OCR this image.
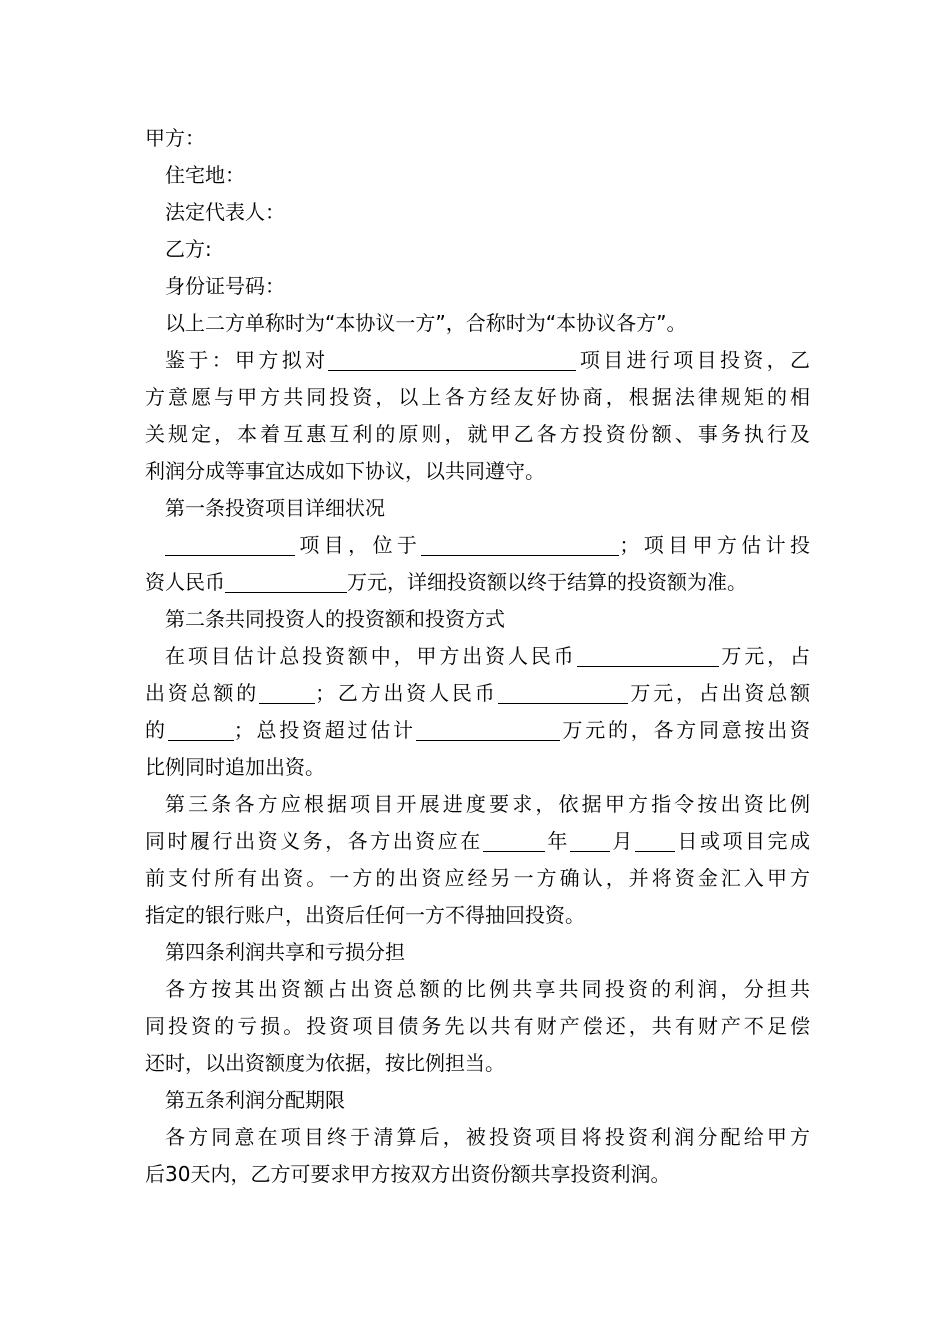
甲方：
住宅地：
法定代表人：
乙方:
身份证号码：
以上二方单称时为“本协议一方”，合称时为“本协议各方”。
鉴于：甲方拟对	项目进行项目投资，乙
方意愿与甲方共同投资，以上各方经友好协商，根据法律规矩的相
关规定，本着互惠互利的原则，就甲乙各方投资份额、事务执行及
利润分成等事宜达成如下协议，以共同遵守。
第一条投资项目详细状况
项目，位于	；项目甲方估计投
资人民币	万元，详细投资额以终于结算的投资额为准。
第二条共同投资人的投资额和投资方式
在项目估计总投资额中，甲方出资人民币	万元，占
出资总额的	；乙方出资人民币	万元，占出资总额
的	；总投资超过估计	万元的，各方同意按出资
比例同时追加出资。
第三条各方应根据项目开展进度要求，依据甲方指令按出资比例
同时履行出资义务，各方出资应在	年 月 日或项目完成
前支付所有出资。一方的出资应经另一方确认，并将资金汇入甲方
指定的银行账户，出资后任何一方不得抽回投资。
第四条利润共享和亏损分担
各方按其出资额占出资总额的比例共享共同投资的利润，分担共
同投资的亏损。投资项目债务先以共有财产偿还，共有财产不足偿
还时，以出资额度为依据，按比例担当。
第五条利润分配期限
各方同意在项目终于清算后，被投资项目将投资利润分配给甲方
后30天内，乙方可要求甲方按双方出资份额共享投资利润。
